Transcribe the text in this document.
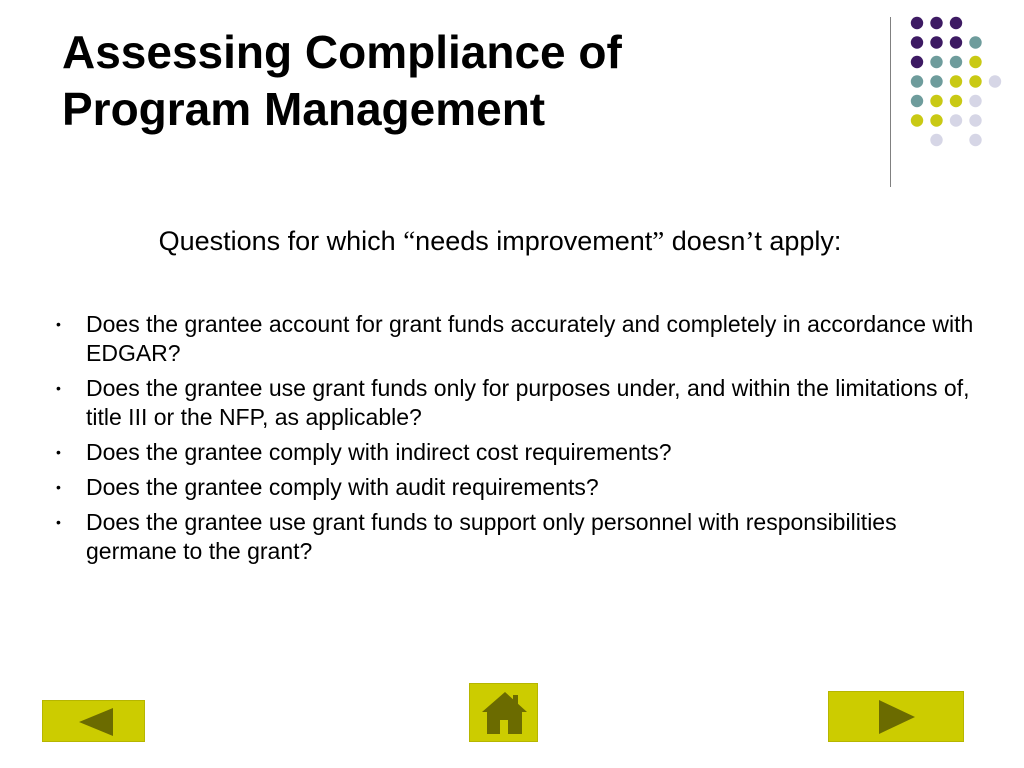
Assessing Compliance of
Program Management
Questions for which “needs improvement” doesn’t apply:
• Does the grantee account for grant funds accurately and completely in accordance with EDGAR?
• Does the grantee use grant funds only for purposes under, and within the limitations of, title III or the NFP, as applicable?
• Does the grantee comply with indirect cost requirements?
• Does the grantee comply with audit requirements?
• Does the grantee use grant funds to support only personnel with responsibilities germane to the grant?
